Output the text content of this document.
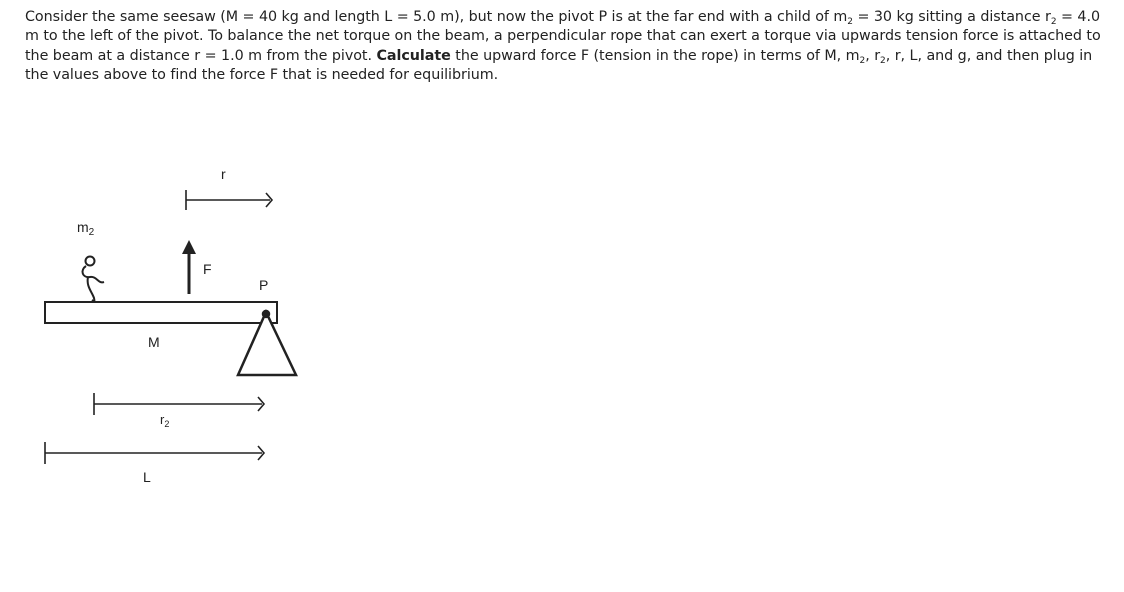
Consider the same seesaw (M = 40 kg and length L = 5.0 m), but now the pivot P is at the far end with a child of $m_2 = 30$ kg sitting a distance $r_2 = 4.0$ m to the left of the pivot. To balance the net torque on the beam, a perpendicular rope that can exert a torque via upwards tension force is attached to the beam at a distance r = 1.0 m from the pivot. Calculate the upward force F (tension in the rope) in terms of M, $m_2$, $r_2$, r, L, and g, and then plug in the values above to find the force F that is needed for equilibrium.
r
$m_2$
F
P
M
$r_2$
L
